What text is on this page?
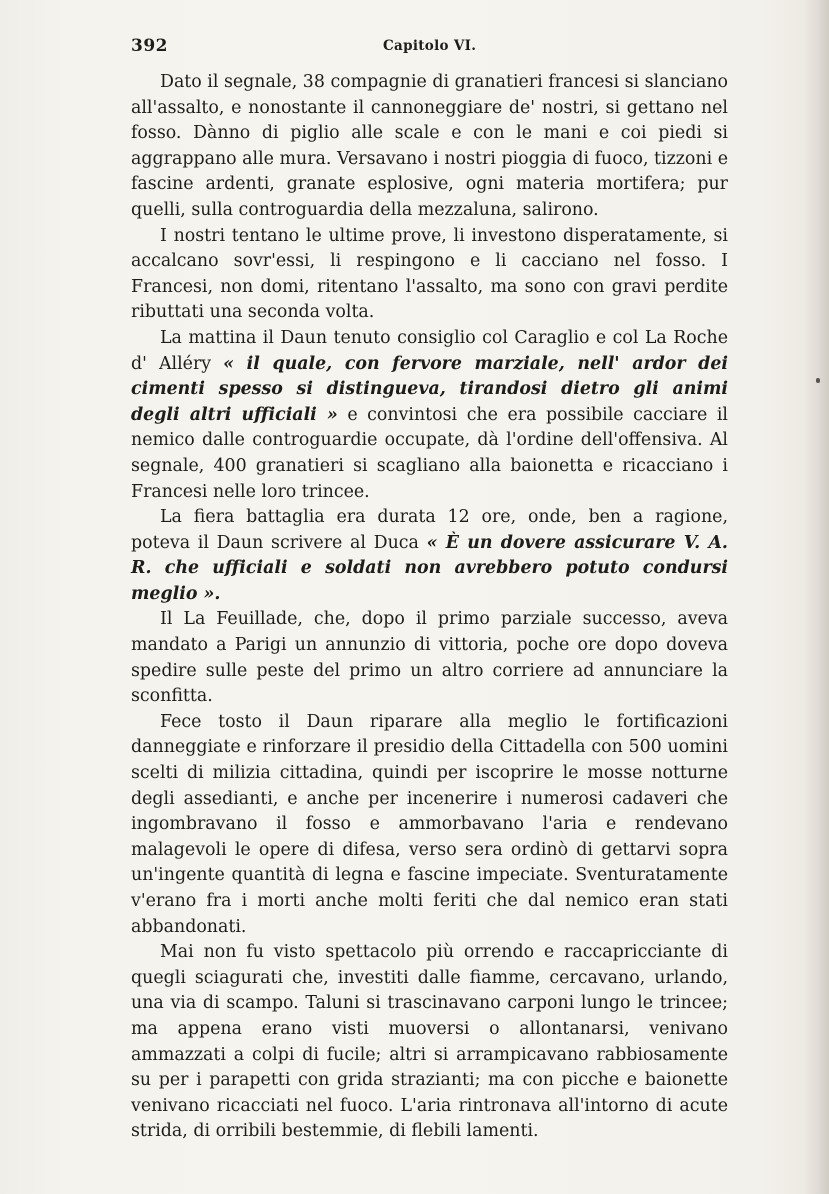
392	Capitolo VI.

Dato il segnale, 38 compagnie di granatieri francesi si slanciano all'assalto, e nonostante il cannoneggiare de' nostri, si gettano nel fosso. Dànno di piglio alle scale e con le mani e coi piedi si aggrappano alle mura. Versavano i nostri pioggia di fuoco, tizzoni e fascine ardenti, granate esplosive, ogni materia mortifera; pur quelli, sulla controguardia della mezzaluna, salirono.

I nostri tentano le ultime prove, li investono disperatamente, si accalcano sovr'essi, li respingono e li cacciano nel fosso. I Francesi, non domi, ritentano l'assalto, ma sono con gravi perdite ributtati una seconda volta.

La mattina il Daun tenuto consiglio col Caraglio e col La Roche d' Alléry « il quale, con fervore marziale, nell' ardor dei cimenti spesso si distingueva, tirandosi dietro gli animi degli altri ufficiali » e convintosi che era possibile cacciare il nemico dalle controguardie occupate, dà l'ordine dell'offensiva. Al segnale, 400 granatieri si scagliano alla baionetta e ricacciano i Francesi nelle loro trincee.

La fiera battaglia era durata 12 ore, onde, ben a ragione, poteva il Daun scrivere al Duca « È un dovere assicurare V. A. R. che ufficiali e soldati non avrebbero potuto condursi meglio ».

Il La Feuillade, che, dopo il primo parziale successo, aveva mandato a Parigi un annunzio di vittoria, poche ore dopo doveva spedire sulle peste del primo un altro corriere ad annunciare la sconfitta.

Fece tosto il Daun riparare alla meglio le fortificazioni danneggiate e rinforzare il presidio della Cittadella con 500 uomini scelti di milizia cittadina, quindi per iscoprire le mosse notturne degli assedianti, e anche per incenerire i numerosi cadaveri che ingombravano il fosso e ammorbavano l'aria e rendevano malagevoli le opere di difesa, verso sera ordinò di gettarvi sopra un'ingente quantità di legna e fascine impeciate. Sventuratamente v'erano fra i morti anche molti feriti che dal nemico eran stati abbandonati.

Mai non fu visto spettacolo più orrendo e raccapricciante di quegli sciagurati che, investiti dalle fiamme, cercavano, urlando, una via di scampo. Taluni si trascinavano carponi lungo le trincee; ma appena erano visti muoversi o allontanarsi, venivano ammazzati a colpi di fucile; altri si arrampicavano rabbiosamente su per i parapetti con grida strazianti; ma con picche e baionette venivano ricacciati nel fuoco. L'aria rintronava all'intorno di acute strida, di orribili bestemmie, di flebili lamenti.
